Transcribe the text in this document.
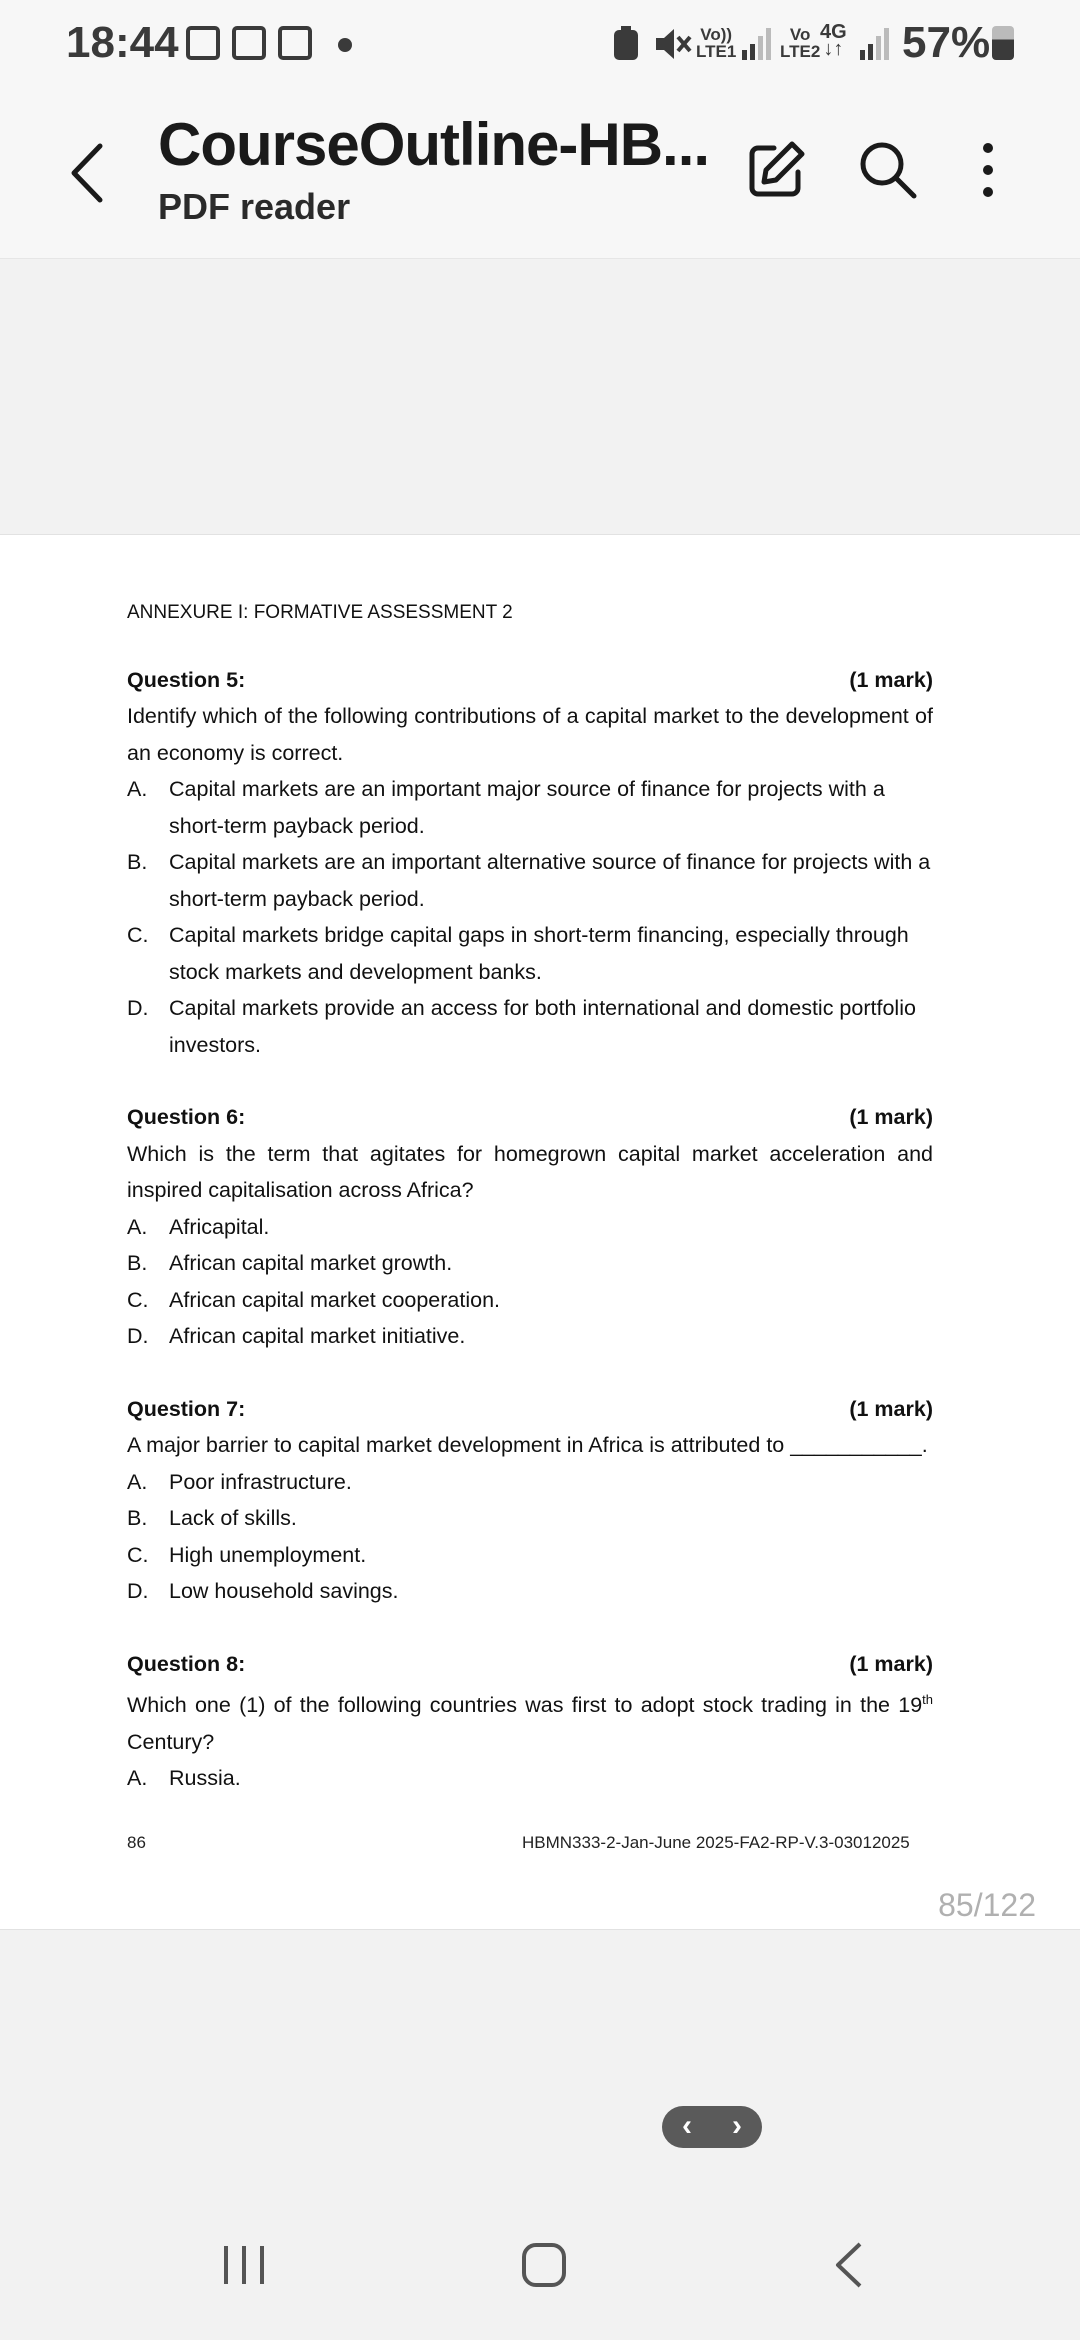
18:44	Vo))
LTE1
Vo
LTE2
4G
↓↑ 57%
CourseOutline-HB...
PDF reader
ANNEXURE I: FORMATIVE ASSESSMENT 2
Question 5:	(1 mark)
Identify which of the following contributions of a capital market to the development of an economy is correct.
A. Capital markets are an important major source of finance for projects with a short-term payback period.
B. Capital markets are an important alternative source of finance for projects with a short-term payback period.
C. Capital markets bridge capital gaps in short-term financing, especially through stock markets and development banks.
D. Capital markets provide an access for both international and domestic portfolio investors.
Question 6:	(1 mark)
Which is the term that agitates for homegrown capital market acceleration and inspired capitalisation across Africa?
A. Africapital.
B. African capital market growth.
C. African capital market cooperation.
D. African capital market initiative.
Question 7:	(1 mark)
A major barrier to capital market development in Africa is attributed to ___________.
A. Poor infrastructure.
B. Lack of skills.
C. High unemployment.
D. Low household savings.
Question 8:	(1 mark)
Which one (1) of the following countries was first to adopt stock trading in the 19th Century?
A. Russia.
86	HBMN333-2-Jan-June 2025-FA2-RP-V.3-03012025
85/122
‹	›
